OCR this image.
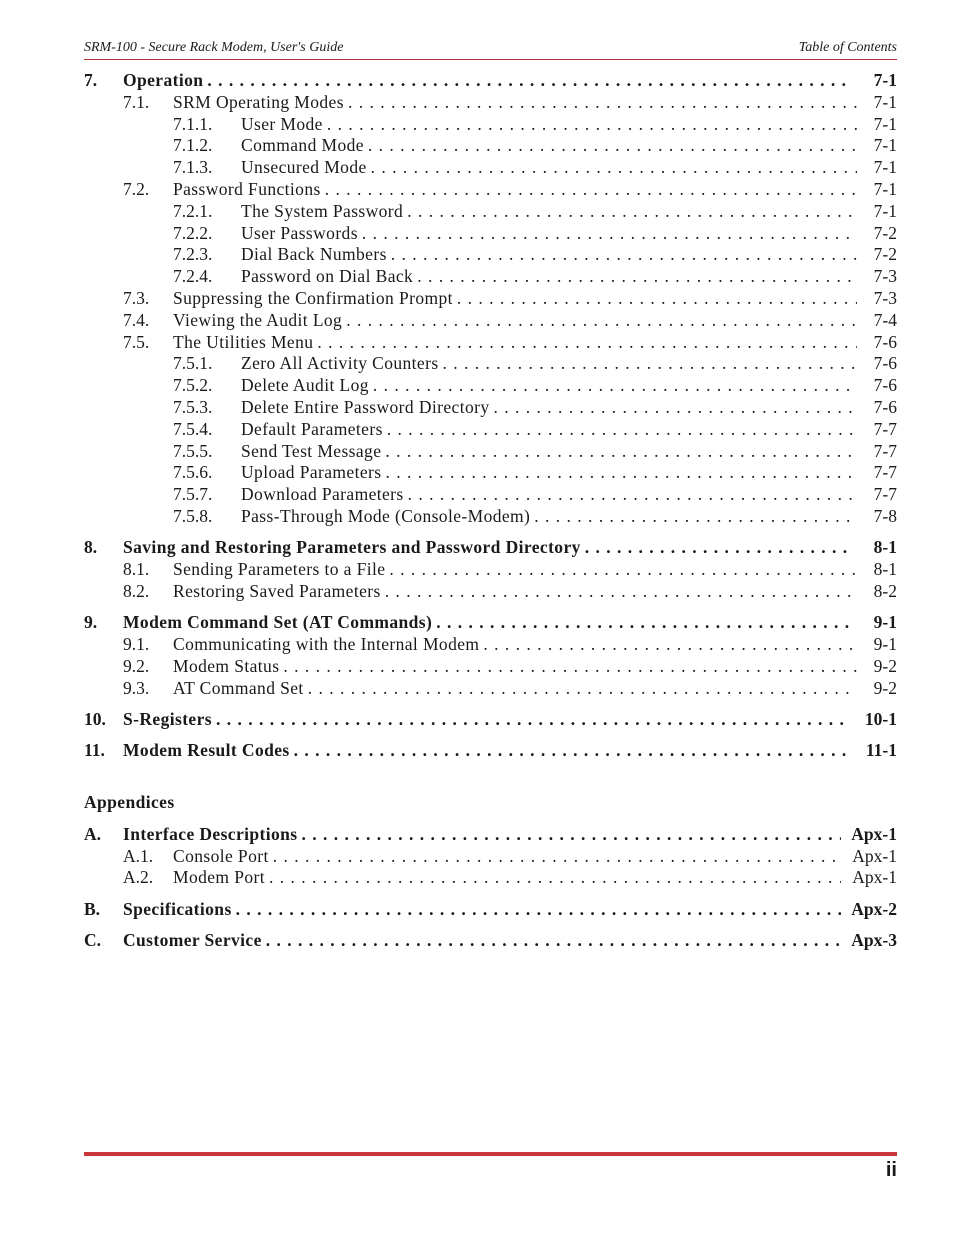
SRM-100 - Secure Rack Modem, User's Guide	Table of Contents
7. Operation . . .	7-1
7.1. SRM Operating Modes . . .	7-1
7.1.1. User Mode . . .	7-1
7.1.2. Command Mode . . .	7-1
7.1.3. Unsecured Mode . . .	7-1
7.2. Password Functions . . .	7-1
7.2.1. The System Password . . .	7-1
7.2.2. User Passwords . . .	7-2
7.2.3. Dial Back Numbers . . .	7-2
7.2.4. Password on Dial Back . . .	7-3
7.3. Suppressing the Confirmation Prompt . . .	7-3
7.4. Viewing the Audit Log . . .	7-4
7.5. The Utilities Menu . . .	7-6
7.5.1. Zero All Activity Counters . . .	7-6
7.5.2. Delete Audit Log . . .	7-6
7.5.3. Delete Entire Password Directory . . .	7-6
7.5.4. Default Parameters . . .	7-7
7.5.5. Send Test Message . . .	7-7
7.5.6. Upload Parameters . . .	7-7
7.5.7. Download Parameters . . .	7-7
7.5.8. Pass-Through Mode (Console-Modem) . . .	7-8
8. Saving and Restoring Parameters and Password Directory . . .	8-1
8.1. Sending Parameters to a File . . .	8-1
8.2. Restoring Saved Parameters . . .	8-2
9. Modem Command Set (AT Commands) . . .	9-1
9.1. Communicating with the Internal Modem . . .	9-1
9.2. Modem Status . . .	9-2
9.3. AT Command Set . . .	9-2
10. S-Registers . . .	10-1
11. Modem Result Codes . . .	11-1
Appendices
A. Interface Descriptions . . .	Apx-1
A.1. Console Port . . .	Apx-1
A.2. Modem Port . . .	Apx-1
B. Specifications . . .	Apx-2
C. Customer Service . . .	Apx-3
ii
